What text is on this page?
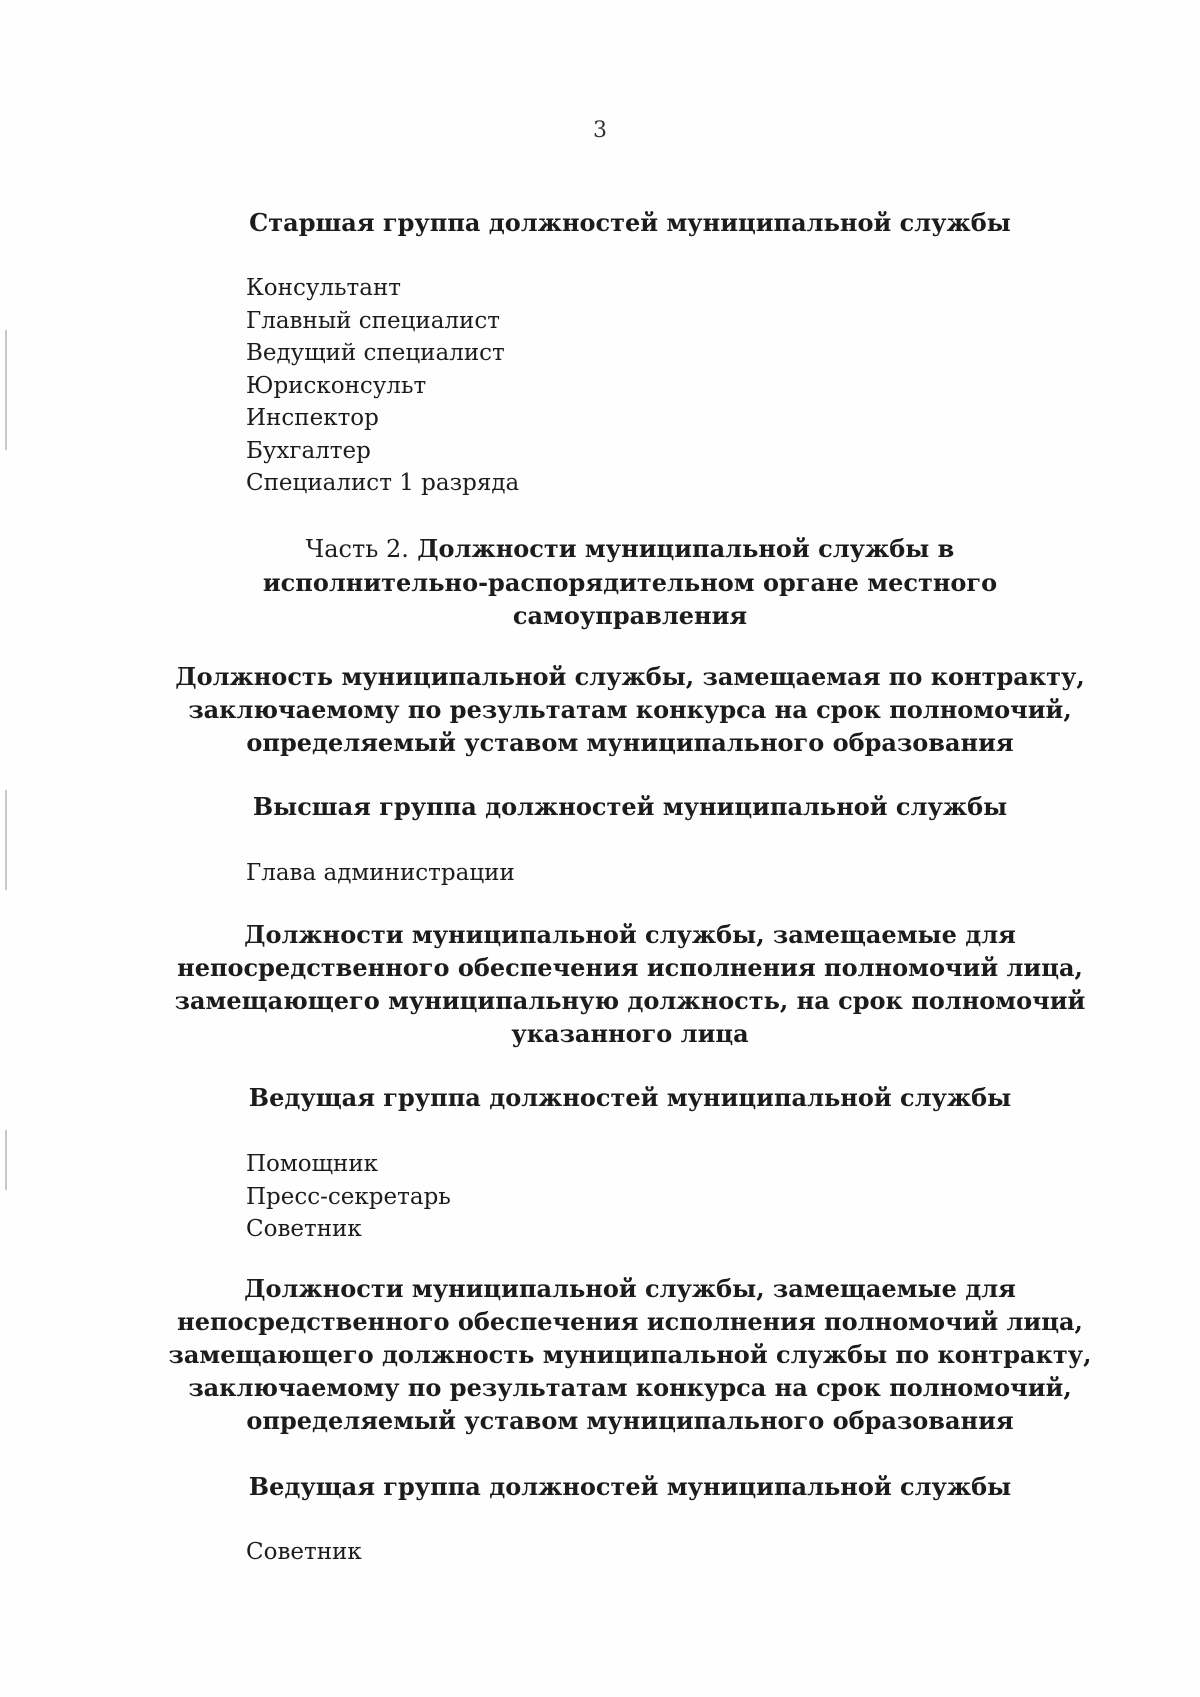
3
Старшая группа должностей муниципальной службы
Консультант
Главный специалист
Ведущий специалист
Юрисконсульт
Инспектор
Бухгалтер
Специалист 1 разряда
Часть 2. Должности муниципальной службы в
исполнительно-распорядительном органе местного
самоуправления
Должность муниципальной службы, замещаемая по контракту,
заключаемому по результатам конкурса на срок полномочий,
определяемый уставом муниципального образования
Высшая группа должностей муниципальной службы
Глава администрации
Должности муниципальной службы, замещаемые для
непосредственного обеспечения исполнения полномочий лица,
замещающего муниципальную должность, на срок полномочий
указанного лица
Ведущая группа должностей муниципальной службы
Помощник
Пресс-секретарь
Советник
Должности муниципальной службы, замещаемые для
непосредственного обеспечения исполнения полномочий лица,
замещающего должность муниципальной службы по контракту,
заключаемому по результатам конкурса на срок полномочий,
определяемый уставом муниципального образования
Ведущая группа должностей муниципальной службы
Советник
